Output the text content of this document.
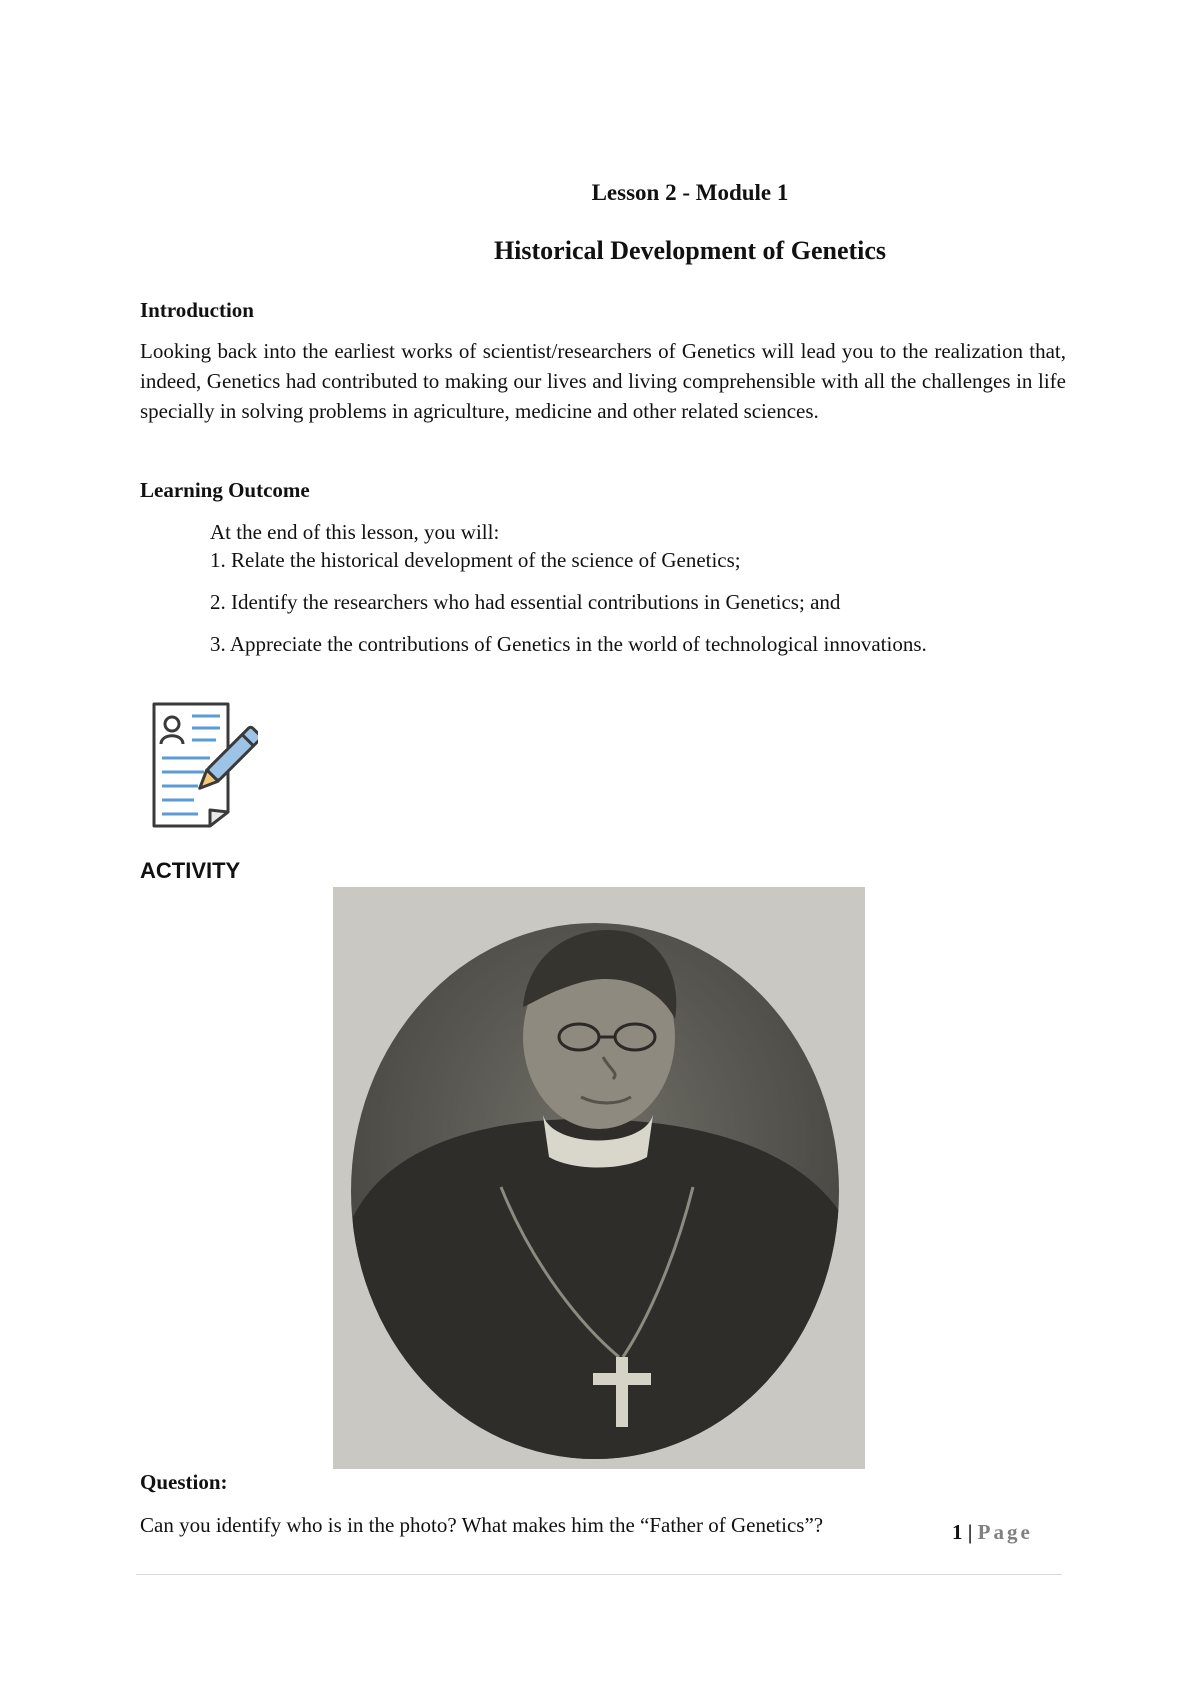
Lesson 2 - Module 1
Historical Development of Genetics
Introduction

Looking back into the earliest works of scientist/researchers of Genetics will lead you to the realization that, indeed, Genetics had contributed to making our lives and living comprehensible with all the challenges in life specially in solving problems in agriculture, medicine and other related sciences.

Learning Outcome
At the end of this lesson, you will:
1. Relate the historical development of the science of Genetics;
2. Identify the researchers who had essential contributions in Genetics; and
3. Appreciate the contributions of Genetics in the world of technological innovations.
ACTIVITY
Question:
Can you identify who is in the photo? What makes him the “Father of Genetics”?	1 | Page
